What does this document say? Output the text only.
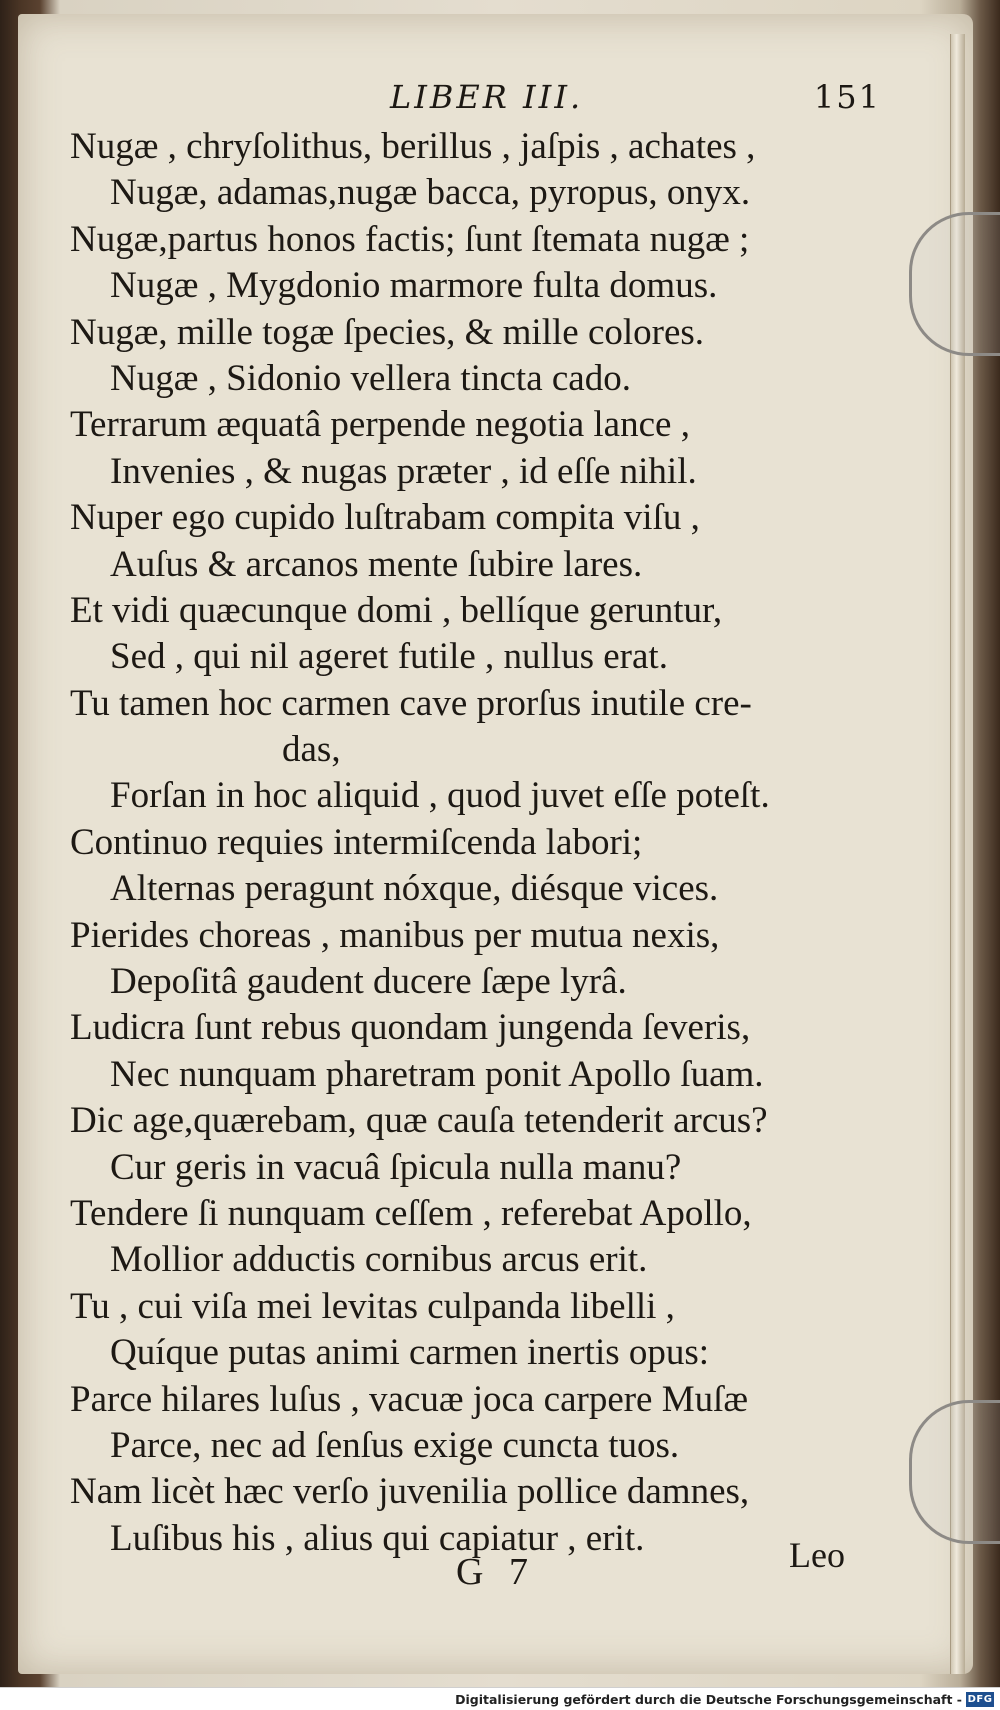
LIBER III.	151
Nugæ , chryſolithus, berillus , jaſpis , achates ,
Nugæ, adamas,nugæ bacca, pyropus, onyx.
Nugæ,partus honos factis; ſunt ſtemata nugæ ;
Nugæ , Mygdonio marmore fulta domus.
Nugæ, mille togæ ſpecies, & mille colores.
Nugæ , Sidonio vellera tincta cado.
Terrarum æquatâ perpende negotia lance ,
Invenies , & nugas præter , id eſſe nihil.
Nuper ego cupido luſtrabam compita viſu ,
Auſus & arcanos mente ſubire lares.
Et vidi quæcunque domi , bellíque geruntur,
Sed , qui nil ageret futile , nullus erat.
Tu tamen hoc carmen cave prorſus inutile cre-
das,
Forſan in hoc aliquid , quod juvet eſſe poteſt.
Continuo requies intermiſcenda labori;
Alternas peragunt nóxque, diésque vices.
Pierides choreas , manibus per mutua nexis,
Depoſitâ gaudent ducere ſæpe lyrâ.
Ludicra ſunt rebus quondam jungenda ſeveris,
Nec nunquam pharetram ponit Apollo ſuam.
Dic age,quærebam, quæ cauſa tetenderit arcus?
Cur geris in vacuâ ſpicula nulla manu?
Tendere ſi nunquam ceſſem , referebat Apollo,
Mollior adductis cornibus arcus erit.
Tu , cui viſa mei levitas culpanda libelli ,
Quíque putas animi carmen inertis opus:
Parce hilares luſus , vacuæ joca carpere Muſæ
Parce, nec ad ſenſus exige cuncta tuos.
Nam licèt hæc verſo juvenilia pollice damnes,
Luſibus his , alius qui capiatur , erit.
G 7	Leo
Digitalisierung gefördert durch die Deutsche Forschungsgemeinschaft - DFG
